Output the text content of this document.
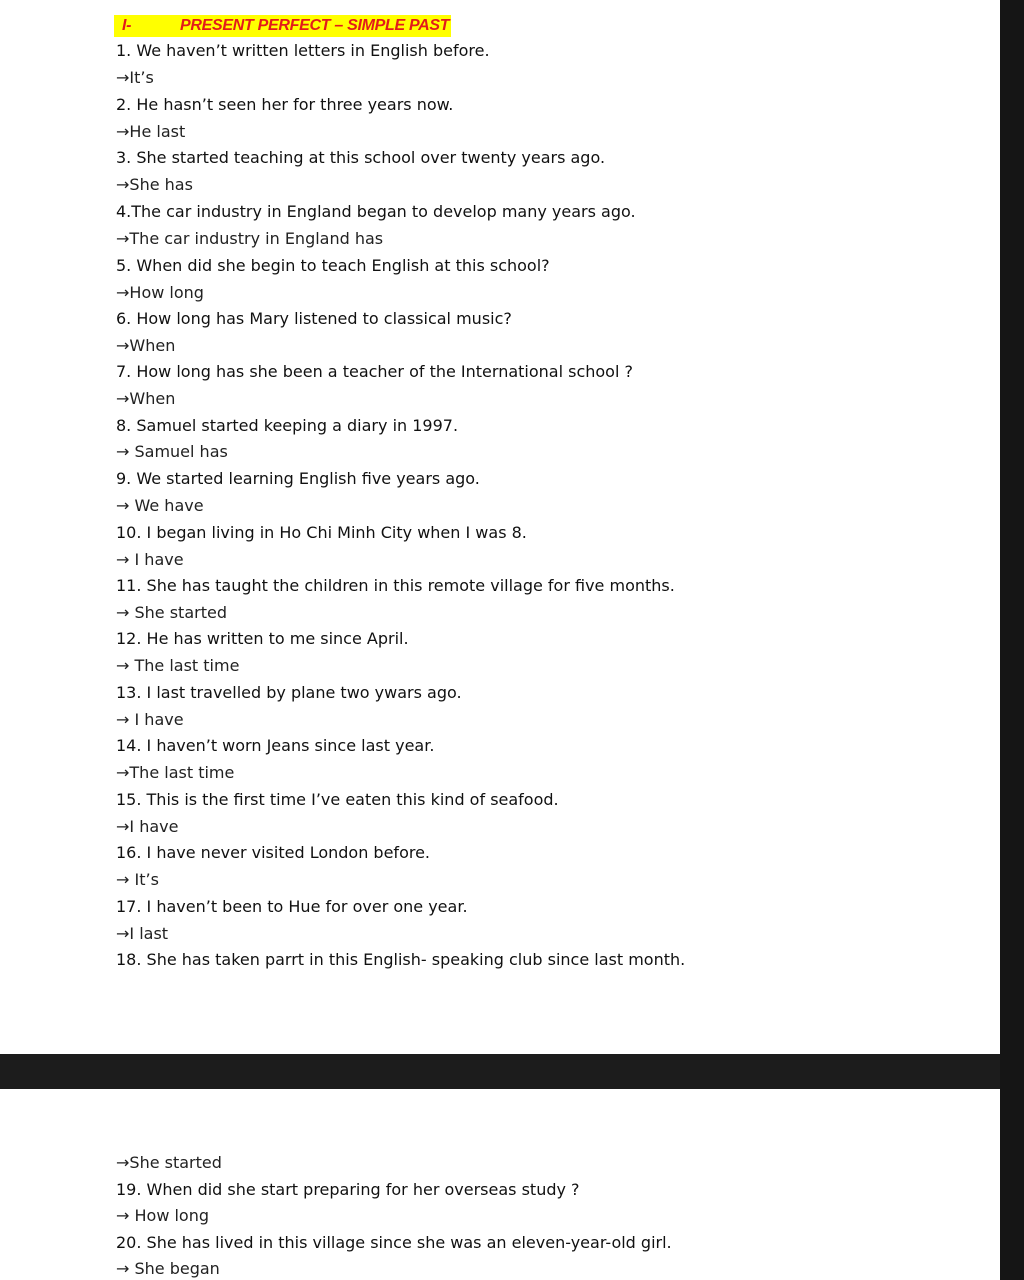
I-	PRESENT PERFECT – SIMPLE PAST
1. We haven’t written letters in English before.
→It’s
2. He hasn’t seen her for three years now.
→He last
3. She started teaching at this school over twenty years ago.
→She has
4.The car industry in England began to develop many years ago.
→The car industry in England has
5. When did she begin to teach English at this school?
→How long
6. How long has Mary listened to classical music?
→When
7. How long has she been a teacher of the International school ?
→When
8. Samuel started keeping a diary in 1997.
→ Samuel has
9. We started learning English five years ago.
→ We have
10. I began living in Ho Chi Minh City when I was 8.
→ I have
11. She has taught the children in this remote village for five months.
→ She started
12. He has written to me since April.
→ The last time
13. I last travelled by plane two ywars ago.
→ I have
14. I haven’t worn Jeans since last year.
→The last time
15. This is the first time I’ve eaten this kind of seafood.
→I have
16. I have never visited London before.
→ It’s
17. I haven’t been to Hue for over one year.
→I last
18. She has taken parrt in this English- speaking club since last month.
→She started
19. When did she start preparing for her overseas study ?
→ How long
20. She has lived in this village since she was an eleven-year-old girl.
→ She began
